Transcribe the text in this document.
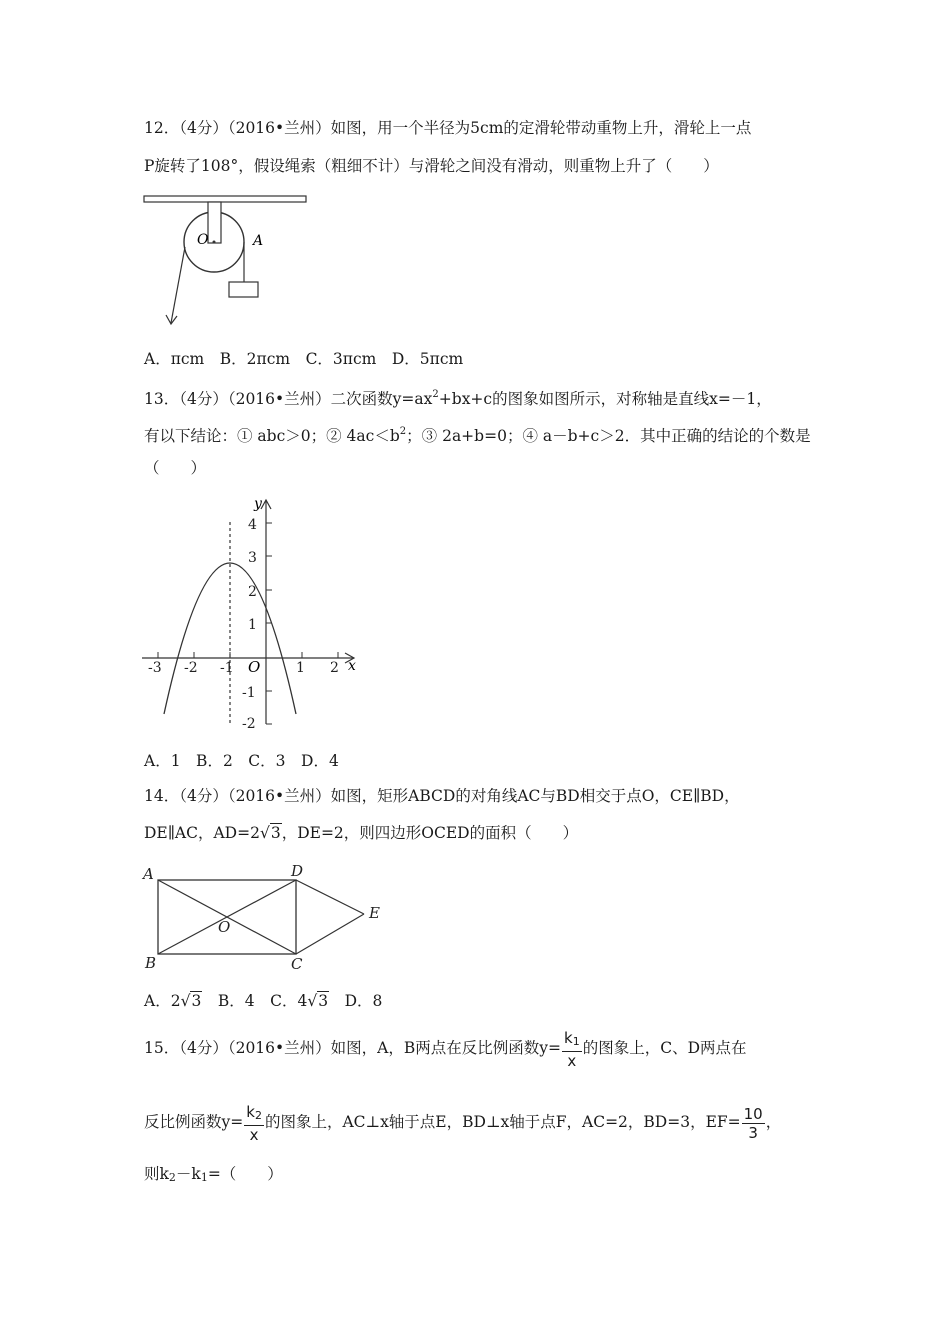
12．（4分）（2016•兰州）如图，用一个半径为5cm的定滑轮带动重物上升，滑轮上一点
P旋转了108°，假设绳索（粗细不计）与滑轮之间没有滑动，则重物上升了（　　）
O	A
A．πcm　B．2πcm　C．3πcm　D．5πcm
13．（4分）（2016•兰州）二次函数$y=ax^2+bx+c$的图象如图所示，对称轴是直线x=－1，
有以下结论：① abc＞0；② $4ac<b^2$；③ 2a+b=0；④ a－b+c＞2．其中正确的结论的个数是
（　　）
y
x
O
-3 -2 -1	1 2
4
3
2
1
-1
-2
A．1　B．2　C．3　D．4
14．（4分）（2016•兰州）如图，矩形ABCD的对角线AC与BD相交于点O，CE∥BD，
DE∥AC，AD=2√3，DE=2，则四边形OCED的面积（　　）
A
B	C
D
E
O
A．2√3　B．4　C．4√3　D．8
15．（4分）（2016•兰州）如图，A，B两点在反比例函数$y= \frac{k1}{x}$ 的图象上，C、D两点在
反比例函数$y= \frac{k2}{x}$ 的图象上，AC⊥x轴于点E，BD⊥x轴于点F，AC=2，BD=3，$EF= \frac{10}{3}$ ，
则k2－k1=（　　）
